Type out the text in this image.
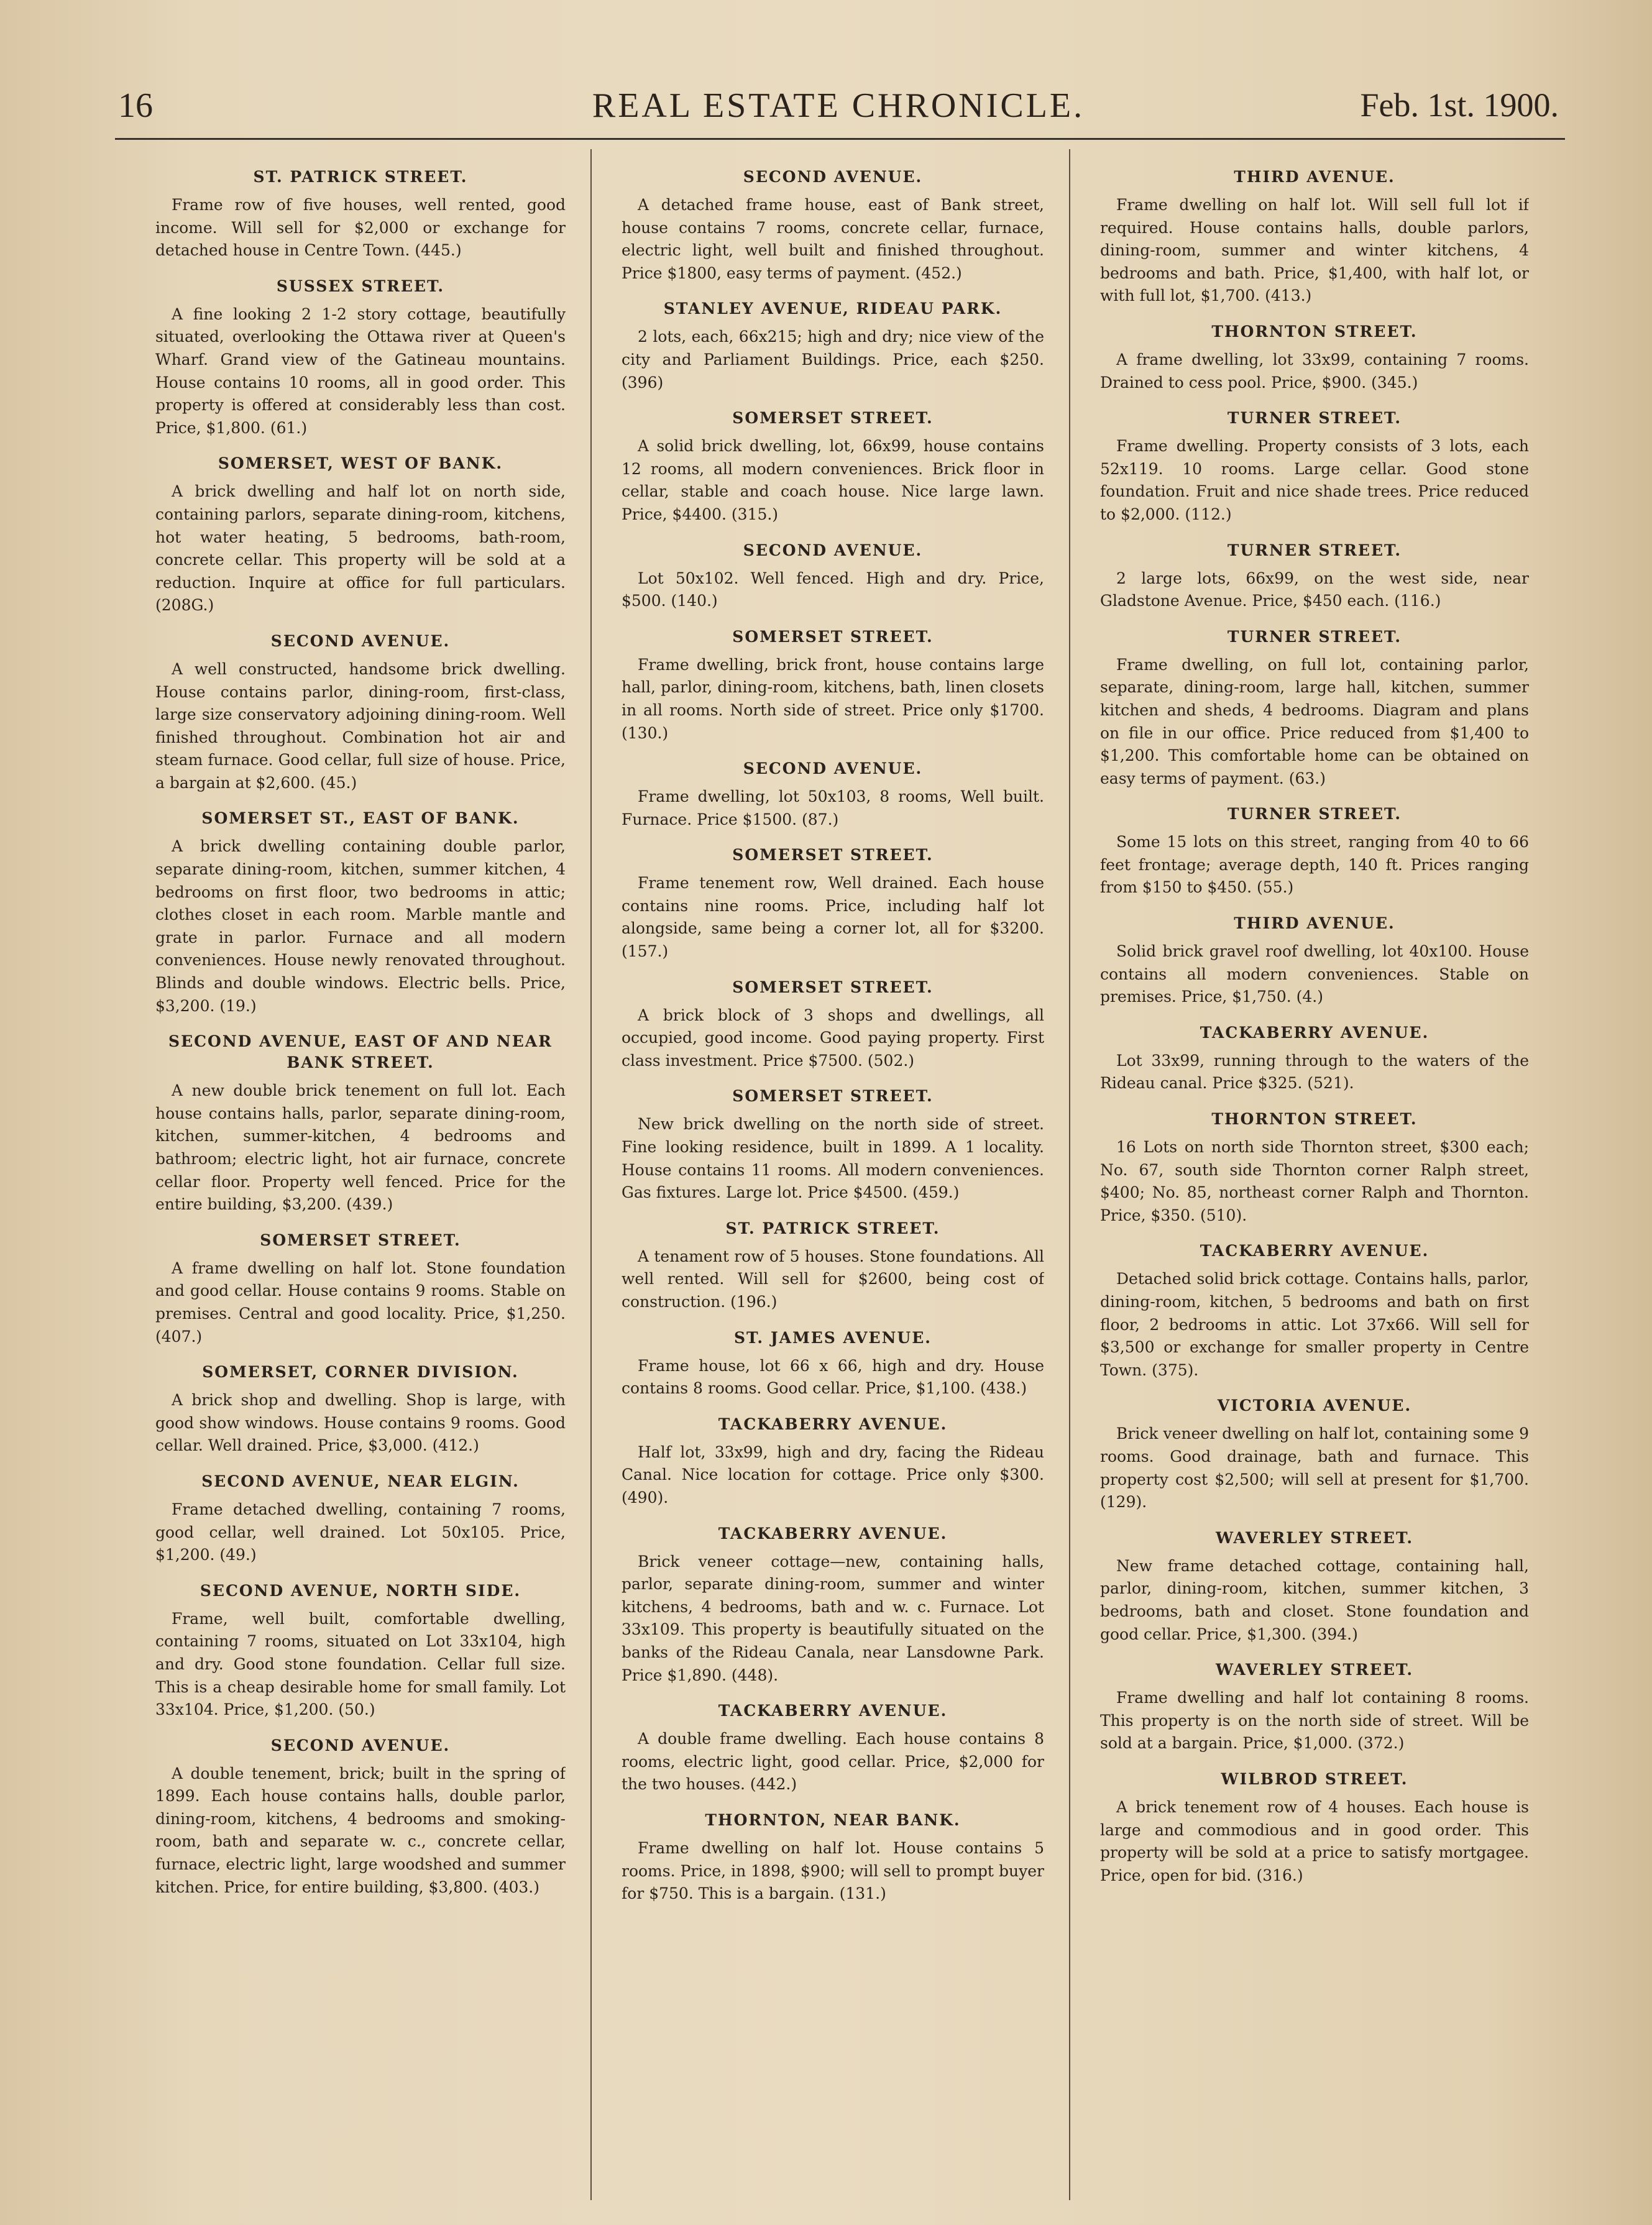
16	REAL ESTATE CHRONICLE.	Feb. 1st. 1900.
ST. PATRICK STREET.

Frame row of five houses, well rented, good income. Will sell for $2,000 or exchange for detached house in Centre Town. (445.)

SUSSEX STREET.

A fine looking 2 1-2 story cottage, beautifully situated, overlooking the Ottawa river at Queen's Wharf. Grand view of the Gatineau mountains. House contains 10 rooms, all in good order. This property is offered at considerably less than cost. Price, $1,800. (61.)

SOMERSET, WEST OF BANK.

A brick dwelling and half lot on north side, containing parlors, separate dining-room, kitchens, hot water heating, 5 bedrooms, bath-room, concrete cellar. This property will be sold at a reduction. Inquire at office for full particulars. (208G.)

SECOND AVENUE.

A well constructed, handsome brick dwelling. House contains parlor, dining-room, first-class, large size conservatory adjoining dining-room. Well finished throughout. Combination hot air and steam furnace. Good cellar, full size of house. Price, a bargain at $2,600. (45.)

SOMERSET ST., EAST OF BANK.

A brick dwelling containing double parlor, separate dining-room, kitchen, summer kitchen, 4 bedrooms on first floor, two bedrooms in attic; clothes closet in each room. Marble mantle and grate in parlor. Furnace and all modern conveniences. House newly renovated throughout. Blinds and double windows. Electric bells. Price, $3,200. (19.)

SECOND AVENUE, EAST OF AND NEAR BANK STREET.

A new double brick tenement on full lot. Each house contains halls, parlor, separate dining-room, kitchen, summer-kitchen, 4 bedrooms and bathroom; electric light, hot air furnace, concrete cellar floor. Property well fenced. Price for the entire building, $3,200. (439.)

SOMERSET STREET.

A frame dwelling on half lot. Stone foundation and good cellar. House contains 9 rooms. Stable on premises. Central and good locality. Price, $1,250. (407.)

SOMERSET, CORNER DIVISION.

A brick shop and dwelling. Shop is large, with good show windows. House contains 9 rooms. Good cellar. Well drained. Price, $3,000. (412.)

SECOND AVENUE, NEAR ELGIN.

Frame detached dwelling, containing 7 rooms, good cellar, well drained. Lot 50x105. Price, $1,200. (49.)

SECOND AVENUE, NORTH SIDE.

Frame, well built, comfortable dwelling, containing 7 rooms, situated on Lot 33x104, high and dry. Good stone foundation. Cellar full size. This is a cheap desirable home for small family. Lot 33x104. Price, $1,200. (50.)

SECOND AVENUE.

A double tenement, brick; built in the spring of 1899. Each house contains halls, double parlor, dining-room, kitchens, 4 bedrooms and smoking-room, bath and separate w. c., concrete cellar, furnace, electric light, large woodshed and summer kitchen. Price, for entire building, $3,800. (403.)

SECOND AVENUE.

A detached frame house, east of Bank street, house contains 7 rooms, concrete cellar, furnace, electric light, well built and finished throughout. Price $1800, easy terms of payment. (452.)

STANLEY AVENUE, RIDEAU PARK.

2 lots, each, 66x215; high and dry; nice view of the city and Parliament Buildings. Price, each $250. (396)

SOMERSET STREET.

A solid brick dwelling, lot, 66x99, house contains 12 rooms, all modern conveniences. Brick floor in cellar, stable and coach house. Nice large lawn. Price, $4400. (315.)

SECOND AVENUE.

Lot 50x102. Well fenced. High and dry. Price, $500. (140.)

SOMERSET STREET.

Frame dwelling, brick front, house contains large hall, parlor, dining-room, kitchens, bath, linen closets in all rooms. North side of street. Price only $1700. (130.)

SECOND AVENUE.

Frame dwelling, lot 50x103, 8 rooms, Well built. Furnace. Price $1500. (87.)

SOMERSET STREET.

Frame tenement row, Well drained. Each house contains nine rooms. Price, including half lot alongside, same being a corner lot, all for $3200. (157.)

SOMERSET STREET.

A brick block of 3 shops and dwellings, all occupied, good income. Good paying property. First class investment. Price $7500. (502.)

SOMERSET STREET.

New brick dwelling on the north side of street. Fine looking residence, built in 1899. A 1 locality. House contains 11 rooms. All modern conveniences. Gas fixtures. Large lot. Price $4500. (459.)

ST. PATRICK STREET.

A tenament row of 5 houses. Stone foundations. All well rented. Will sell for $2600, being cost of construction. (196.)

ST. JAMES AVENUE.

Frame house, lot 66 x 66, high and dry. House contains 8 rooms. Good cellar. Price, $1,100. (438.)

TACKABERRY AVENUE.

Half lot, 33x99, high and dry, facing the Rideau Canal. Nice location for cottage. Price only $300. (490).

TACKABERRY AVENUE.

Brick veneer cottage—new, containing halls, parlor, separate dining-room, summer and winter kitchens, 4 bedrooms, bath and w. c. Furnace. Lot 33x109. This property is beautifully situated on the banks of the Rideau Canala, near Lansdowne Park. Price $1,890. (448).

TACKABERRY AVENUE.

A double frame dwelling. Each house contains 8 rooms, electric light, good cellar. Price, $2,000 for the two houses. (442.)

THORNTON, NEAR BANK.

Frame dwelling on half lot. House contains 5 rooms. Price, in 1898, $900; will sell to prompt buyer for $750. This is a bargain. (131.)

THIRD AVENUE.

Frame dwelling on half lot. Will sell full lot if required. House contains halls, double parlors, dining-room, summer and winter kitchens, 4 bedrooms and bath. Price, $1,400, with half lot, or with full lot, $1,700. (413.)

THORNTON STREET.

A frame dwelling, lot 33x99, containing 7 rooms. Drained to cess pool. Price, $900. (345.)

TURNER STREET.

Frame dwelling. Property consists of 3 lots, each 52x119. 10 rooms. Large cellar. Good stone foundation. Fruit and nice shade trees. Price reduced to $2,000. (112.)

TURNER STREET.

2 large lots, 66x99, on the west side, near Gladstone Avenue. Price, $450 each. (116.)

TURNER STREET.

Frame dwelling, on full lot, containing parlor, separate, dining-room, large hall, kitchen, summer kitchen and sheds, 4 bedrooms. Diagram and plans on file in our office. Price reduced from $1,400 to $1,200. This comfortable home can be obtained on easy terms of payment. (63.)

TURNER STREET.

Some 15 lots on this street, ranging from 40 to 66 feet frontage; average depth, 140 ft. Prices ranging from $150 to $450. (55.)

THIRD AVENUE.

Solid brick gravel roof dwelling, lot 40x100. House contains all modern conveniences. Stable on premises. Price, $1,750. (4.)

TACKABERRY AVENUE.

Lot 33x99, running through to the waters of the Rideau canal. Price $325. (521).

THORNTON STREET.

16 Lots on north side Thornton street, $300 each; No. 67, south side Thornton corner Ralph street, $400; No. 85, northeast corner Ralph and Thornton. Price, $350. (510).

TACKABERRY AVENUE.

Detached solid brick cottage. Contains halls, parlor, dining-room, kitchen, 5 bedrooms and bath on first floor, 2 bedrooms in attic. Lot 37x66. Will sell for $3,500 or exchange for smaller property in Centre Town. (375).

VICTORIA AVENUE.

Brick veneer dwelling on half lot, containing some 9 rooms. Good drainage, bath and furnace. This property cost $2,500; will sell at present for $1,700. (129).

WAVERLEY STREET.

New frame detached cottage, containing hall, parlor, dining-room, kitchen, summer kitchen, 3 bedrooms, bath and closet. Stone foundation and good cellar. Price, $1,300. (394.)

WAVERLEY STREET.

Frame dwelling and half lot containing 8 rooms. This property is on the north side of street. Will be sold at a bargain. Price, $1,000. (372.)

WILBROD STREET.

A brick tenement row of 4 houses. Each house is large and commodious and in good order. This property will be sold at a price to satisfy mortgagee. Price, open for bid. (316.)
